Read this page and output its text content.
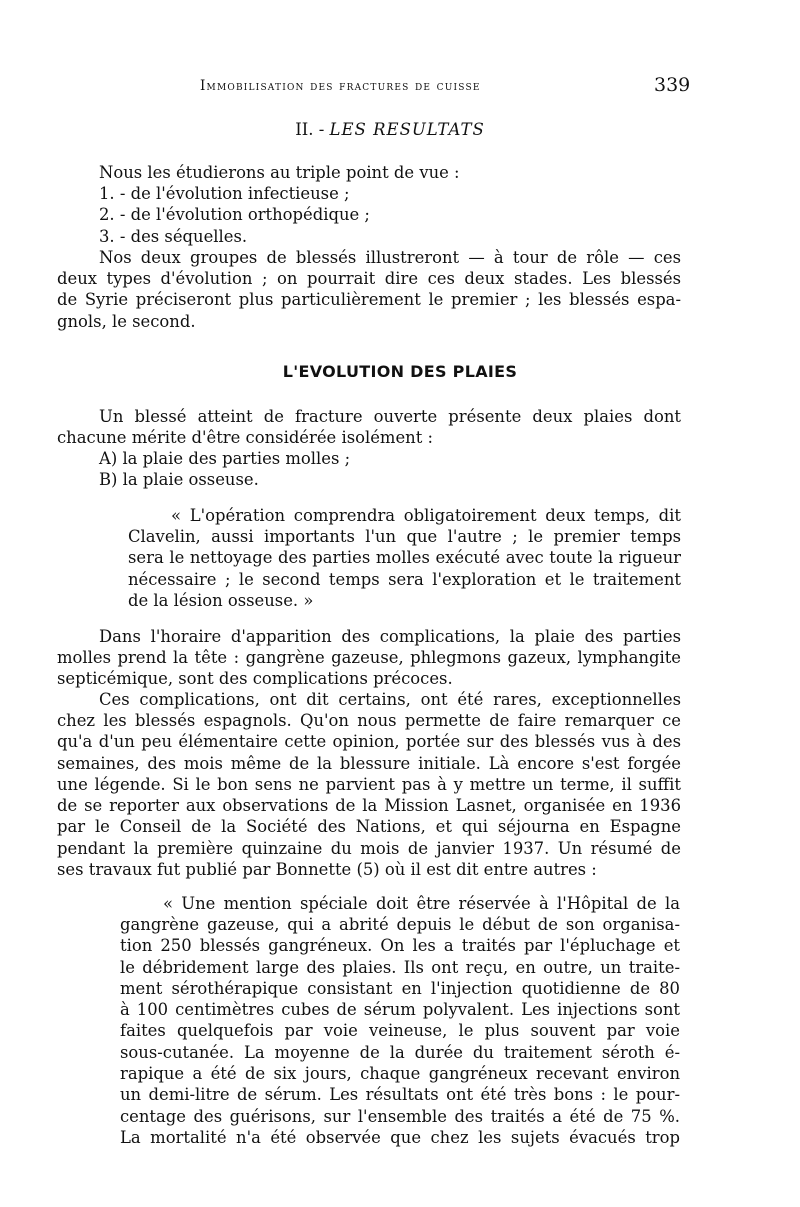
Immobilisation des fractures de cuisse	339
II. - LES RESULTATS
Nous les étudierons au triple point de vue :
1. - de l'évolution infectieuse ;
2. - de l'évolution orthopédique ;
3. - des séquelles.
Nos deux groupes de blessés illustreront — à tour de rôle — ces
deux types d'évolution ; on pourrait dire ces deux stades. Les blessés
de Syrie préciseront plus particulièrement le premier ; les blessés espa-
gnols, le second.
L'EVOLUTION DES PLAIES
Un blessé atteint de fracture ouverte présente deux plaies dont
chacune mérite d'être considérée isolément :
A) la plaie des parties molles ;
B) la plaie osseuse.
« L'opération comprendra obligatoirement deux temps, dit
Clavelin, aussi importants l'un que l'autre ; le premier temps
sera le nettoyage des parties molles exécuté avec toute la rigueur
nécessaire ; le second temps sera l'exploration et le traitement
de la lésion osseuse. »
Dans l'horaire d'apparition des complications, la plaie des parties
molles prend la tête : gangrène gazeuse, phlegmons gazeux, lymphangite
septicémique, sont des complications précoces.
Ces complications, ont dit certains, ont été rares, exceptionnelles
chez les blessés espagnols. Qu'on nous permette de faire remarquer ce
qu'a d'un peu élémentaire cette opinion, portée sur des blessés vus à des
semaines, des mois même de la blessure initiale. Là encore s'est forgée
une légende. Si le bon sens ne parvient pas à y mettre un terme, il suffit
de se reporter aux observations de la Mission Lasnet, organisée en 1936
par le Conseil de la Société des Nations, et qui séjourna en Espagne
pendant la première quinzaine du mois de janvier 1937. Un résumé de
ses travaux fut publié par Bonnette (5) où il est dit entre autres :
« Une mention spéciale doit être réservée à l'Hôpital de la
gangrène gazeuse, qui a abrité depuis le début de son organisa-
tion 250 blessés gangréneux. On les a traités par l'épluchage et
le débridement large des plaies. Ils ont reçu, en outre, un traite-
ment sérothérapique consistant en l'injection quotidienne de 80
à 100 centimètres cubes de sérum polyvalent. Les injections sont
faites quelquefois par voie veineuse, le plus souvent par voie
sous-cutanée. La moyenne de la durée du traitement séroth é-
rapique a été de six jours, chaque gangréneux recevant environ
un demi-litre de sérum. Les résultats ont été très bons : le pour-
centage des guérisons, sur l'ensemble des traités a été de 75 %.
La mortalité n'a été observée que chez les sujets évacués trop
